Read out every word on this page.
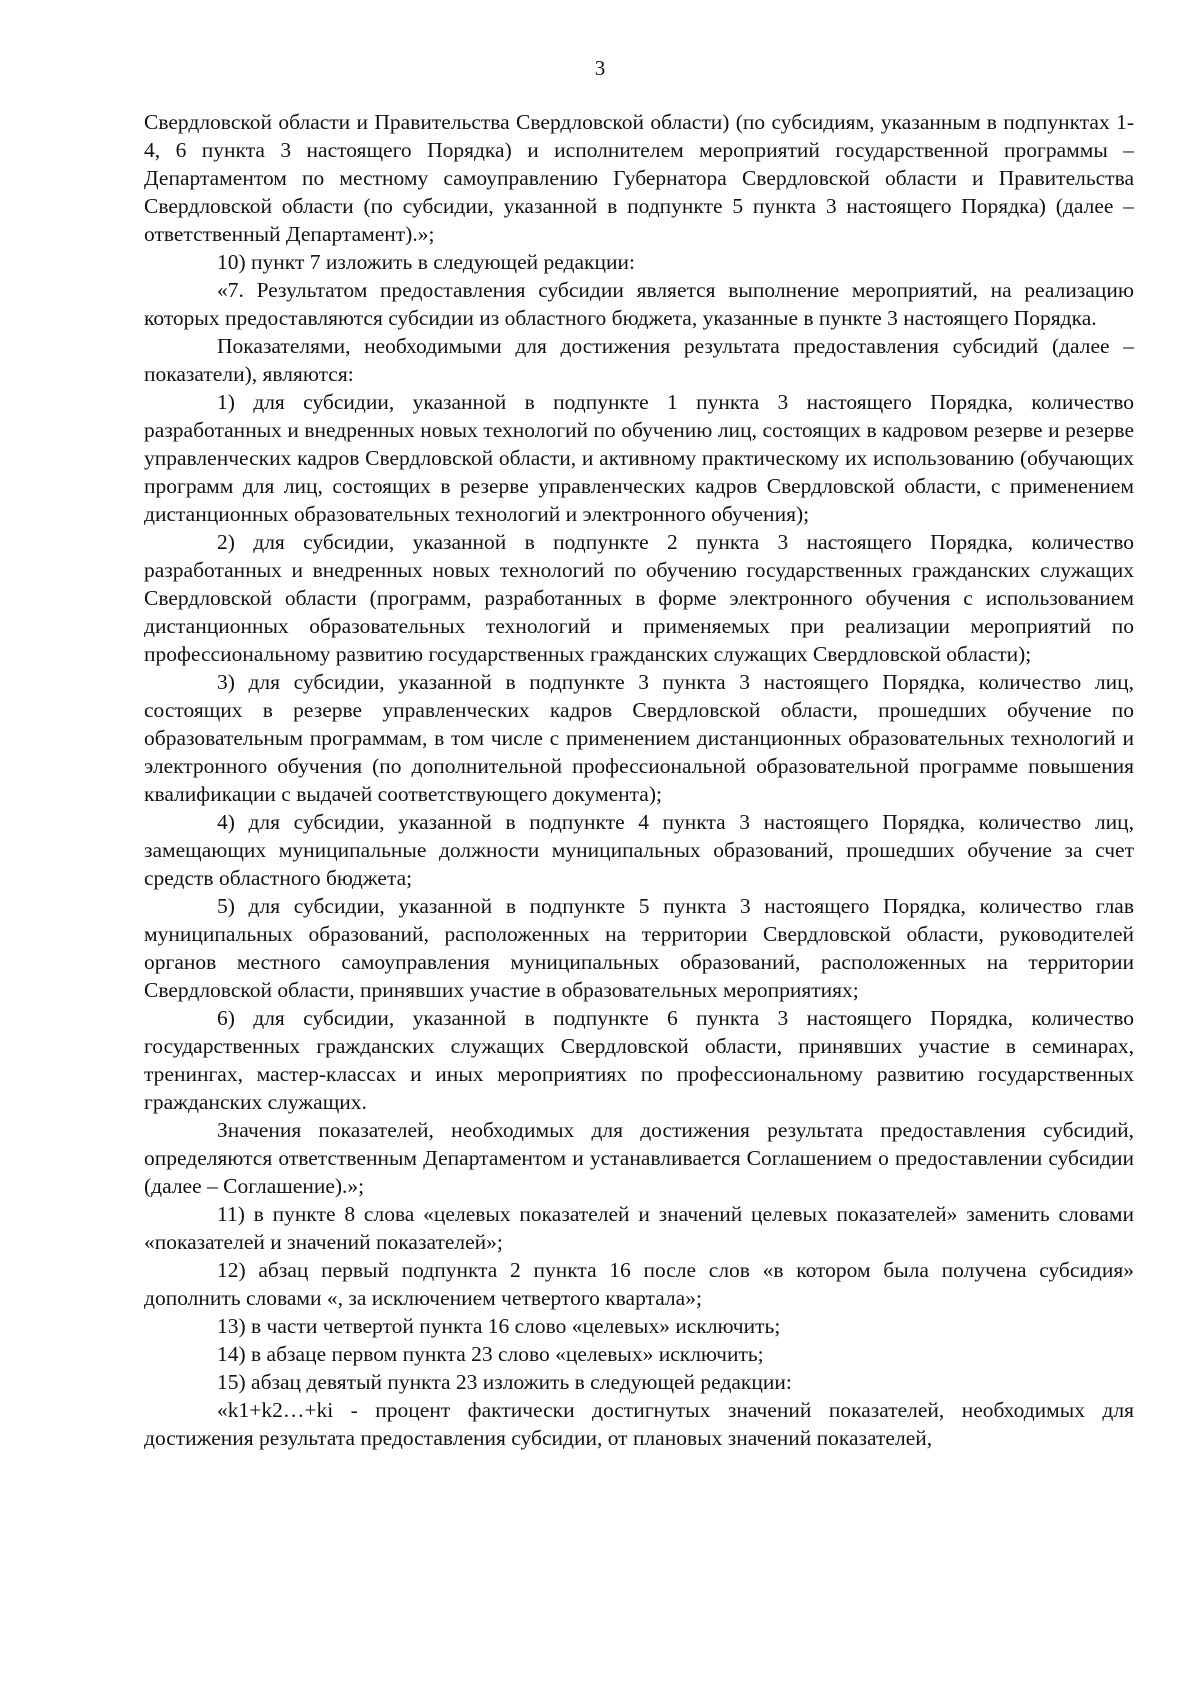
3

Свердловской области и Правительства Свердловской области) (по субсидиям, указанным в подпунктах 1-4, 6 пункта 3 настоящего Порядка) и исполнителем мероприятий государственной программы – Департаментом по местному самоуправлению Губернатора Свердловской области и Правительства Свердловской области (по субсидии, указанной в подпункте 5 пункта 3 настоящего Порядка) (далее – ответственный Департамент).»;

10) пункт 7 изложить в следующей редакции:

«7. Результатом предоставления субсидии является выполнение мероприятий, на реализацию которых предоставляются субсидии из областного бюджета, указанные в пункте 3 настоящего Порядка.

Показателями, необходимыми для достижения результата предоставления субсидий (далее – показатели), являются:

1) для субсидии, указанной в подпункте 1 пункта 3 настоящего Порядка, количество разработанных и внедренных новых технологий по обучению лиц, состоящих в кадровом резерве и резерве управленческих кадров Свердловской области, и активному практическому их использованию (обучающих программ для лиц, состоящих в резерве управленческих кадров Свердловской области, с применением дистанционных образовательных технологий и электронного обучения);

2) для субсидии, указанной в подпункте 2 пункта 3 настоящего Порядка, количество разработанных и внедренных новых технологий по обучению государственных гражданских служащих Свердловской области (программ, разработанных в форме электронного обучения с использованием дистанционных образовательных технологий и применяемых при реализации мероприятий по профессиональному развитию государственных гражданских служащих Свердловской области);

3) для субсидии, указанной в подпункте 3 пункта 3 настоящего Порядка, количество лиц, состоящих в резерве управленческих кадров Свердловской области, прошедших обучение по образовательным программам, в том числе с применением дистанционных образовательных технологий и электронного обучения (по дополнительной профессиональной образовательной программе повышения квалификации с выдачей соответствующего документа);

4) для субсидии, указанной в подпункте 4 пункта 3 настоящего Порядка, количество лиц, замещающих муниципальные должности муниципальных образований, прошедших обучение за счет средств областного бюджета;

5) для субсидии, указанной в подпункте 5 пункта 3 настоящего Порядка, количество глав муниципальных образований, расположенных на территории Свердловской области, руководителей органов местного самоуправления муниципальных образований, расположенных на территории Свердловской области, принявших участие в образовательных мероприятиях;

6) для субсидии, указанной в подпункте 6 пункта 3 настоящего Порядка, количество государственных гражданских служащих Свердловской области, принявших участие в семинарах, тренингах, мастер-классах и иных мероприятиях по профессиональному развитию государственных гражданских служащих.

Значения показателей, необходимых для достижения результата предоставления субсидий, определяются ответственным Департаментом и устанавливается Соглашением о предоставлении субсидии (далее – Соглашение).»;

11) в пункте 8 слова «целевых показателей и значений целевых показателей» заменить словами «показателей и значений показателей»;

12) абзац первый подпункта 2 пункта 16 после слов «в котором была получена субсидия» дополнить словами «, за исключением четвертого квартала»;

13) в части четвертой пункта 16 слово «целевых» исключить;

14) в абзаце первом пункта 23 слово «целевых» исключить;

15) абзац девятый пункта 23 изложить в следующей редакции:

«k1+k2…+ki - процент фактически достигнутых значений показателей, необходимых для достижения результата предоставления субсидии, от плановых значений показателей,
